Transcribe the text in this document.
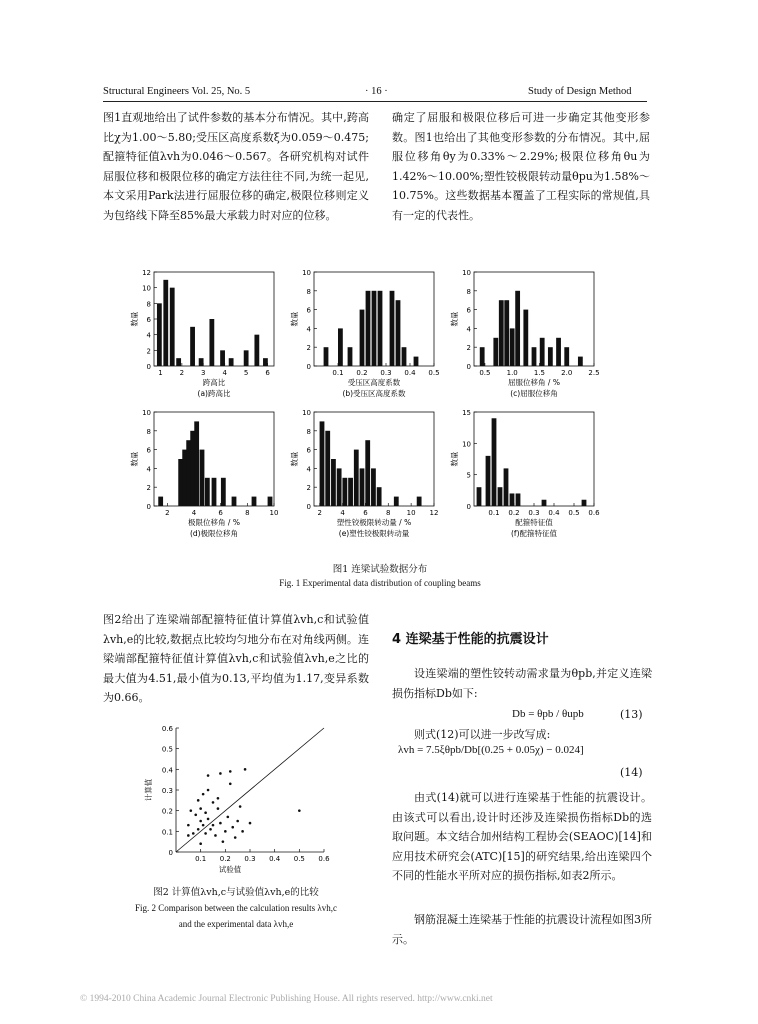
Structural Engineers Vol. 25, No. 5	· 16 ·	Study of Design Method

图1直观地给出了试件参数的基本分布情况。其中,跨高比χ为1.00～5.80;受压区高度系数ξ为0.059～0.475;配箍特征值λvh为0.046～0.567。各研究机构对试件屈服位移和极限位移的确定方法往往不同,为统一起见,本文采用Park法进行屈服位移的确定,极限位移则定义为包络线下降至85%最大承载力时对应的位移。

确定了屈服和极限位移后可进一步确定其他变形参数。图1也给出了其他变形参数的分布情况。其中,屈服位移角θy为0.33%～2.29%;极限位移角θu为1.42%～10.00%;塑性铰极限转动量θpu为1.58%～10.75%。这些数据基本覆盖了工程实际的常规值,具有一定的代表性。

0
2
4
6
8
10
12
1 2 3 4 5 6
跨高比
(a)跨高比
数量
0
2
4
6
8
10
0.1 0.2 0.3 0.4 0.5
受压区高度系数
(b)受压区高度系数
数量
0
2
4
6
8
10
0.5 1.0 1.5 2.0 2.5
屈服位移角 / %
(c)屈服位移角
数量
0
2
4
6
8
10
2	4	6	8	10
极限位移角 / %
(d)极限位移角
数量
0
2
4
6
8
10
2	4	6	8 10 12
塑性铰极限转动量 / %
(e)塑性铰极限转动量
数量
0
5
10
15
0.1 0.2 0.3 0.4 0.5 0.6
配箍特征值
(f)配箍特征值
数量
图1 连梁试验数据分布
Fig. 1 Experimental data distribution of coupling beams

图2给出了连梁端部配箍特征值计算值λvh,c和试验值λvh,e的比较,数据点比较均匀地分布在对角线两侧。连梁端部配箍特征值计算值λvh,c和试验值λvh,e之比的最大值为4.51,最小值为0.13,平均值为1.17,变异系数为0.66。

0
0.1
0.2
0.3
0.4
0.5
0.6
0.1 0.2 0.3 0.4 0.5 0.6
试验值
计算值
图2 计算值λvh,c与试验值λvh,e的比较
Fig. 2 Comparison between the calculation results λvh,c
and the experimental data λvh,e
4 连梁基于性能的抗震设计

设连梁端的塑性铰转动需求量为θpb,并定义连梁损伤指标Db如下:

Db = θpb / θupb	(13)

则式(12)可以进一步改写成:

λvh = 7.5ξθpb/Db[(0.25 + 0.05χ) − 0.024]
(14)

由式(14)就可以进行连梁基于性能的抗震设计。由该式可以看出,设计时还涉及连梁损伤指标Db的选取问题。本文结合加州结构工程协会(SEAOC)[14]和应用技术研究会(ATC)[15]的研究结果,给出连梁四个不同的性能水平所对应的损伤指标,如表2所示。

钢筋混凝土连梁基于性能的抗震设计流程如图3所示。

© 1994-2010 China Academic Journal Electronic Publishing House. All rights reserved. http://www.cnki.net
